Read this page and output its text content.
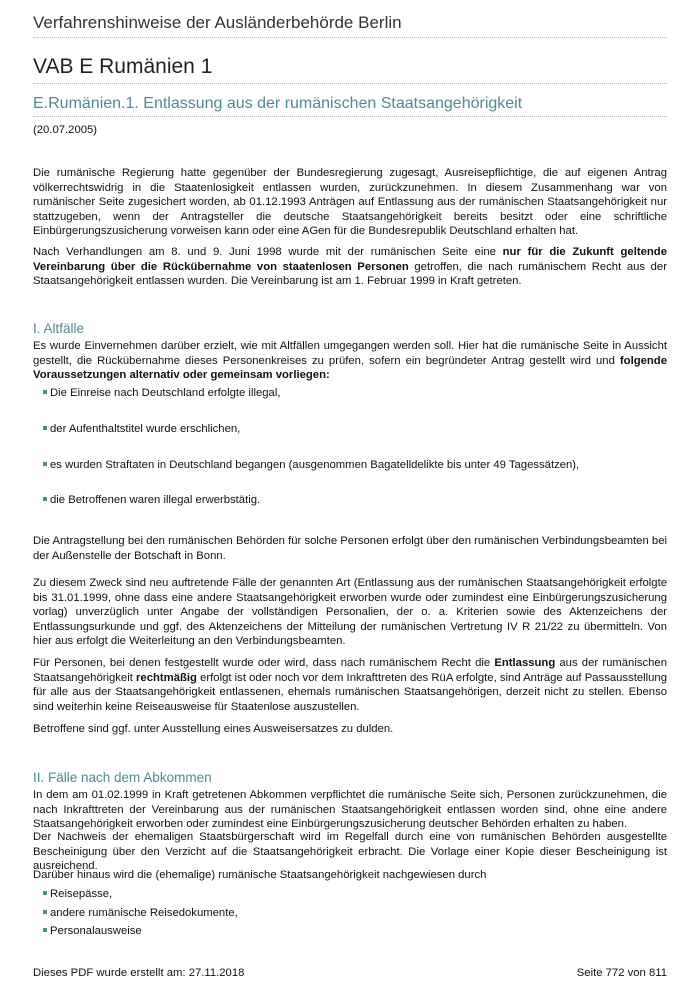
Verfahrenshinweise der Ausländerbehörde Berlin
VAB E Rumänien 1
E.Rumänien.1. Entlassung aus der rumänischen Staatsangehörigkeit
(20.07.2005)
Die rumänische Regierung hatte gegenüber der Bundesregierung zugesagt, Ausreisepflichtige, die auf eigenen Antrag völkerrechtswidrig in die Staatenlosigkeit entlassen wurden, zurückzunehmen. In diesem Zusammenhang war von rumänischer Seite zugesichert worden, ab 01.12.1993 Anträgen auf Entlassung aus der rumänischen Staatsangehörigkeit nur stattzugeben, wenn der Antragsteller die deutsche Staatsangehörigkeit bereits besitzt oder eine schriftliche Einbürgerungszusicherung vorweisen kann oder eine AGen für die Bundesrepublik Deutschland erhalten hat.
Nach Verhandlungen am 8. und 9. Juni 1998 wurde mit der rumänischen Seite eine nur für die Zukunft geltende Vereinbarung über die Rückübernahme von staatenlosen Personen getroffen, die nach rumänischem Recht aus der Staatsangehörigkeit entlassen wurden. Die Vereinbarung ist am 1. Februar 1999 in Kraft getreten.
I. Altfälle
Es wurde Einvernehmen darüber erzielt, wie mit Altfällen umgegangen werden soll. Hier hat die rumänische Seite in Aussicht gestellt, die Rückübernahme dieses Personenkreises zu prüfen, sofern ein begründeter Antrag gestellt wird und folgende Voraussetzungen alternativ oder gemeinsam vorliegen:
Die Einreise nach Deutschland erfolgte illegal,
der Aufenthaltstitel wurde erschlichen,
es wurden Straftaten in Deutschland begangen (ausgenommen Bagatelldelikte bis unter 49 Tagessätzen),
die Betroffenen waren illegal erwerbstätig.
Die Antragstellung bei den rumänischen Behörden für solche Personen erfolgt über den rumänischen Verbindungsbeamten bei der Außenstelle der Botschaft in Bonn.
Zu diesem Zweck sind neu auftretende Fälle der genannten Art (Entlassung aus der rumänischen Staatsangehörigkeit erfolgte bis 31.01.1999, ohne dass eine andere Staatsangehörigkeit erworben wurde oder zumindest eine Einbürgerungszusicherung vorlag) unverzüglich unter Angabe der vollständigen Personalien, der o. a. Kriterien sowie des Aktenzeichens der Entlassungsurkunde und ggf. des Aktenzeichens der Mitteilung der rumänischen Vertretung IV R 21/22 zu übermitteln. Von hier aus erfolgt die Weiterleitung an den Verbindungsbeamten.
Für Personen, bei denen festgestellt wurde oder wird, dass nach rumänischem Recht die Entlassung aus der rumänischen Staatsangehörigkeit rechtmäßig erfolgt ist oder noch vor dem Inkrafttreten des RüA erfolgte, sind Anträge auf Passausstellung für alle aus der Staatsangehörigkeit entlassenen, ehemals rumänischen Staatsangehörigen, derzeit nicht zu stellen. Ebenso sind weiterhin keine Reiseausweise für Staatenlose auszustellen.
Betroffene sind ggf. unter Ausstellung eines Ausweisersatzes zu dulden.
II. Fälle nach dem Abkommen
In dem am 01.02.1999 in Kraft getretenen Abkommen verpflichtet die rumänische Seite sich, Personen zurückzunehmen, die nach Inkrafttreten der Vereinbarung aus der rumänischen Staatsangehörigkeit entlassen worden sind, ohne eine andere Staatsangehörigkeit erworben oder zumindest eine Einbürgerungszusicherung deutscher Behörden erhalten zu haben.
Der Nachweis der ehemaligen Staatsbürgerschaft wird im Regelfall durch eine von rumänischen Behörden ausgestellte Bescheinigung über den Verzicht auf die Staatsangehörigkeit erbracht. Die Vorlage einer Kopie dieser Bescheinigung ist ausreichend.
Darüber hinaus wird die (ehemalige) rumänische Staatsangehörigkeit nachgewiesen durch
Reisepässe,
andere rumänische Reisedokumente,
Personalausweise
Dieses PDF wurde erstellt am: 27.11.2018	Seite 772 von 811
